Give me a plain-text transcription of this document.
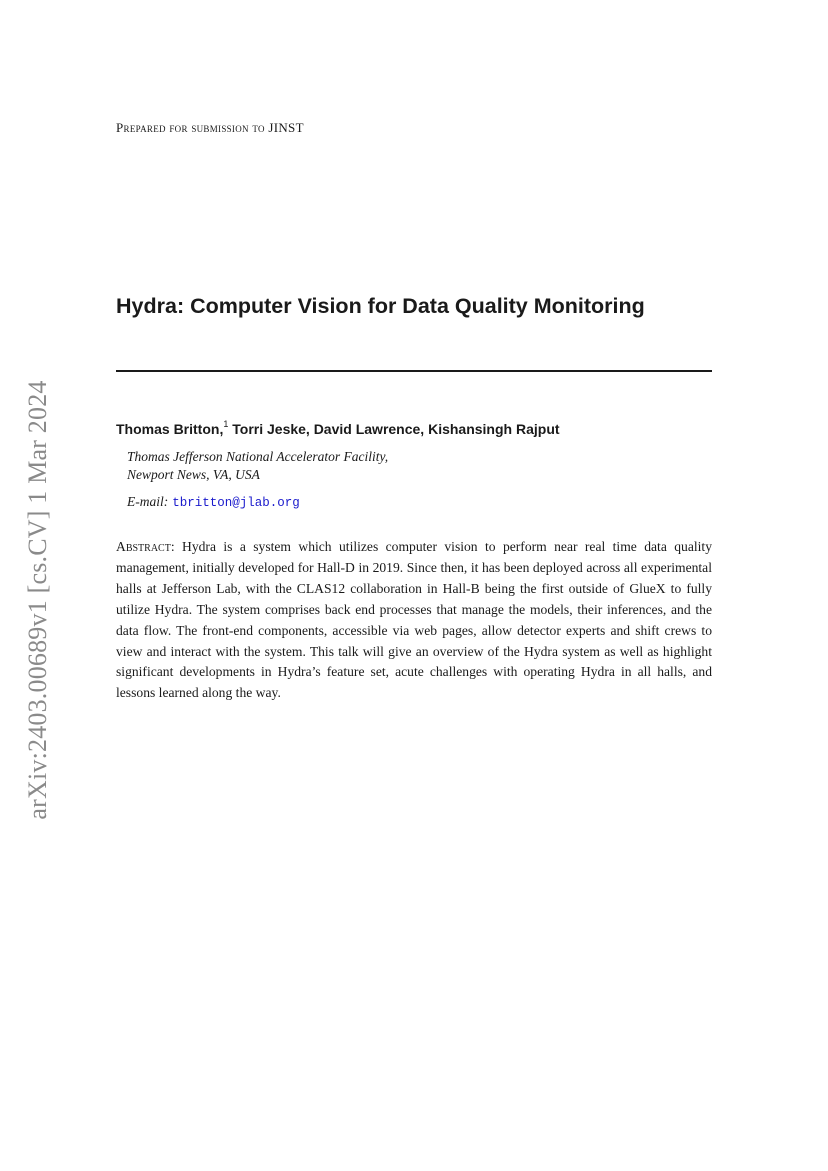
arXiv:2403.00689v1 [cs.CV] 1 Mar 2024
Prepared for submission to JINST
Hydra: Computer Vision for Data Quality Monitoring
Thomas Britton,$^1$ Torri Jeske, David Lawrence, Kishansingh Rajput
Thomas Jefferson National Accelerator Facility,
Newport News, VA, USA
E-mail: tbritton@jlab.org

Abstract: Hydra is a system which utilizes computer vision to perform near real time data quality management, initially developed for Hall-D in 2019. Since then, it has been deployed across all experimental halls at Jefferson Lab, with the CLAS12 collaboration in Hall-B being the first outside of GlueX to fully utilize Hydra. The system comprises back end processes that manage the models, their inferences, and the data flow. The front-end components, accessible via web pages, allow detector experts and shift crews to view and interact with the system. This talk will give an overview of the Hydra system as well as highlight significant developments in Hydra’s feature set, acute challenges with operating Hydra in all halls, and lessons learned along the way.
